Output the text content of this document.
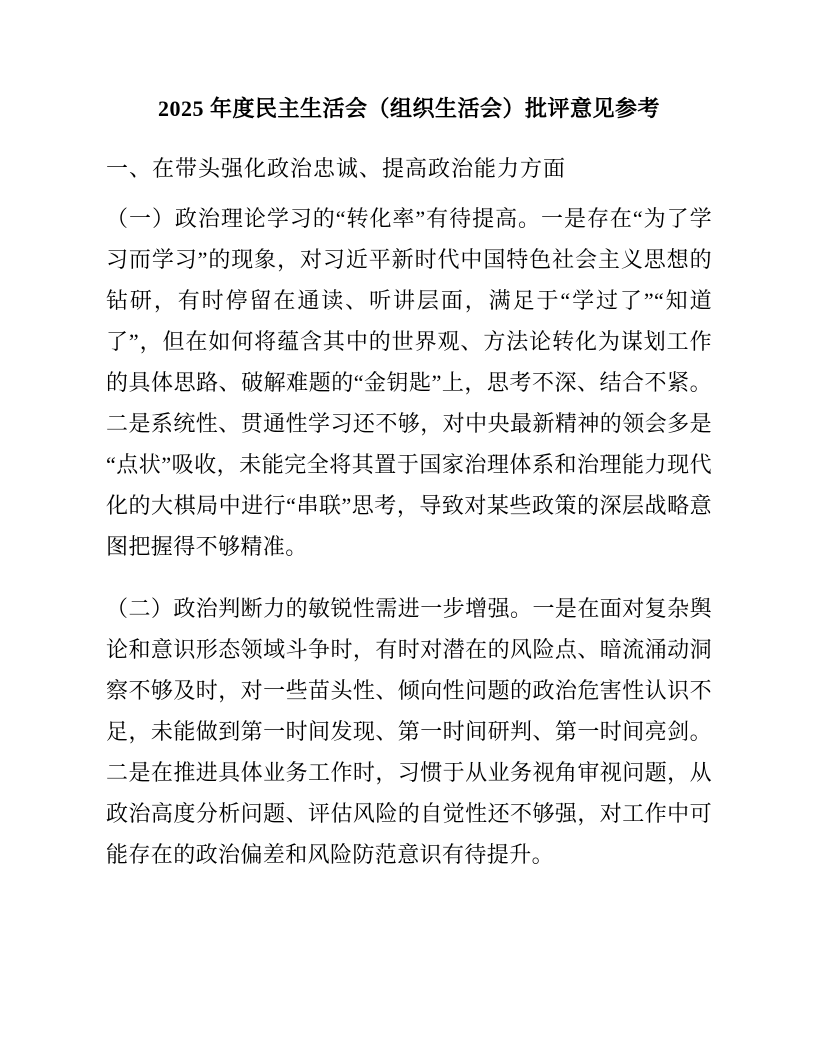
2025 年度民主生活会（组织生活会）批评意见参考
一、在带头强化政治忠诚、提高政治能力方面

（一）政治理论学习的“转化率”有待提高。一是存在“为了学习而学习”的现象，对习近平新时代中国特色社会主义思想的钻研，有时停留在通读、听讲层面，满足于“学过了”“知道了”，但在如何将蕴含其中的世界观、方法论转化为谋划工作的具体思路、破解难题的“金钥匙”上，思考不深、结合不紧。二是系统性、贯通性学习还不够，对中央最新精神的领会多是“点状”吸收，未能完全将其置于国家治理体系和治理能力现代化的大棋局中进行“串联”思考，导致对某些政策的深层战略意图把握得不够精准。

（二）政治判断力的敏锐性需进一步增强。一是在面对复杂舆论和意识形态领域斗争时，有时对潜在的风险点、暗流涌动洞察不够及时，对一些苗头性、倾向性问题的政治危害性认识不足，未能做到第一时间发现、第一时间研判、第一时间亮剑。二是在推进具体业务工作时，习惯于从业务视角审视问题，从政治高度分析问题、评估风险的自觉性还不够强，对工作中可能存在的政治偏差和风险防范意识有待提升。
